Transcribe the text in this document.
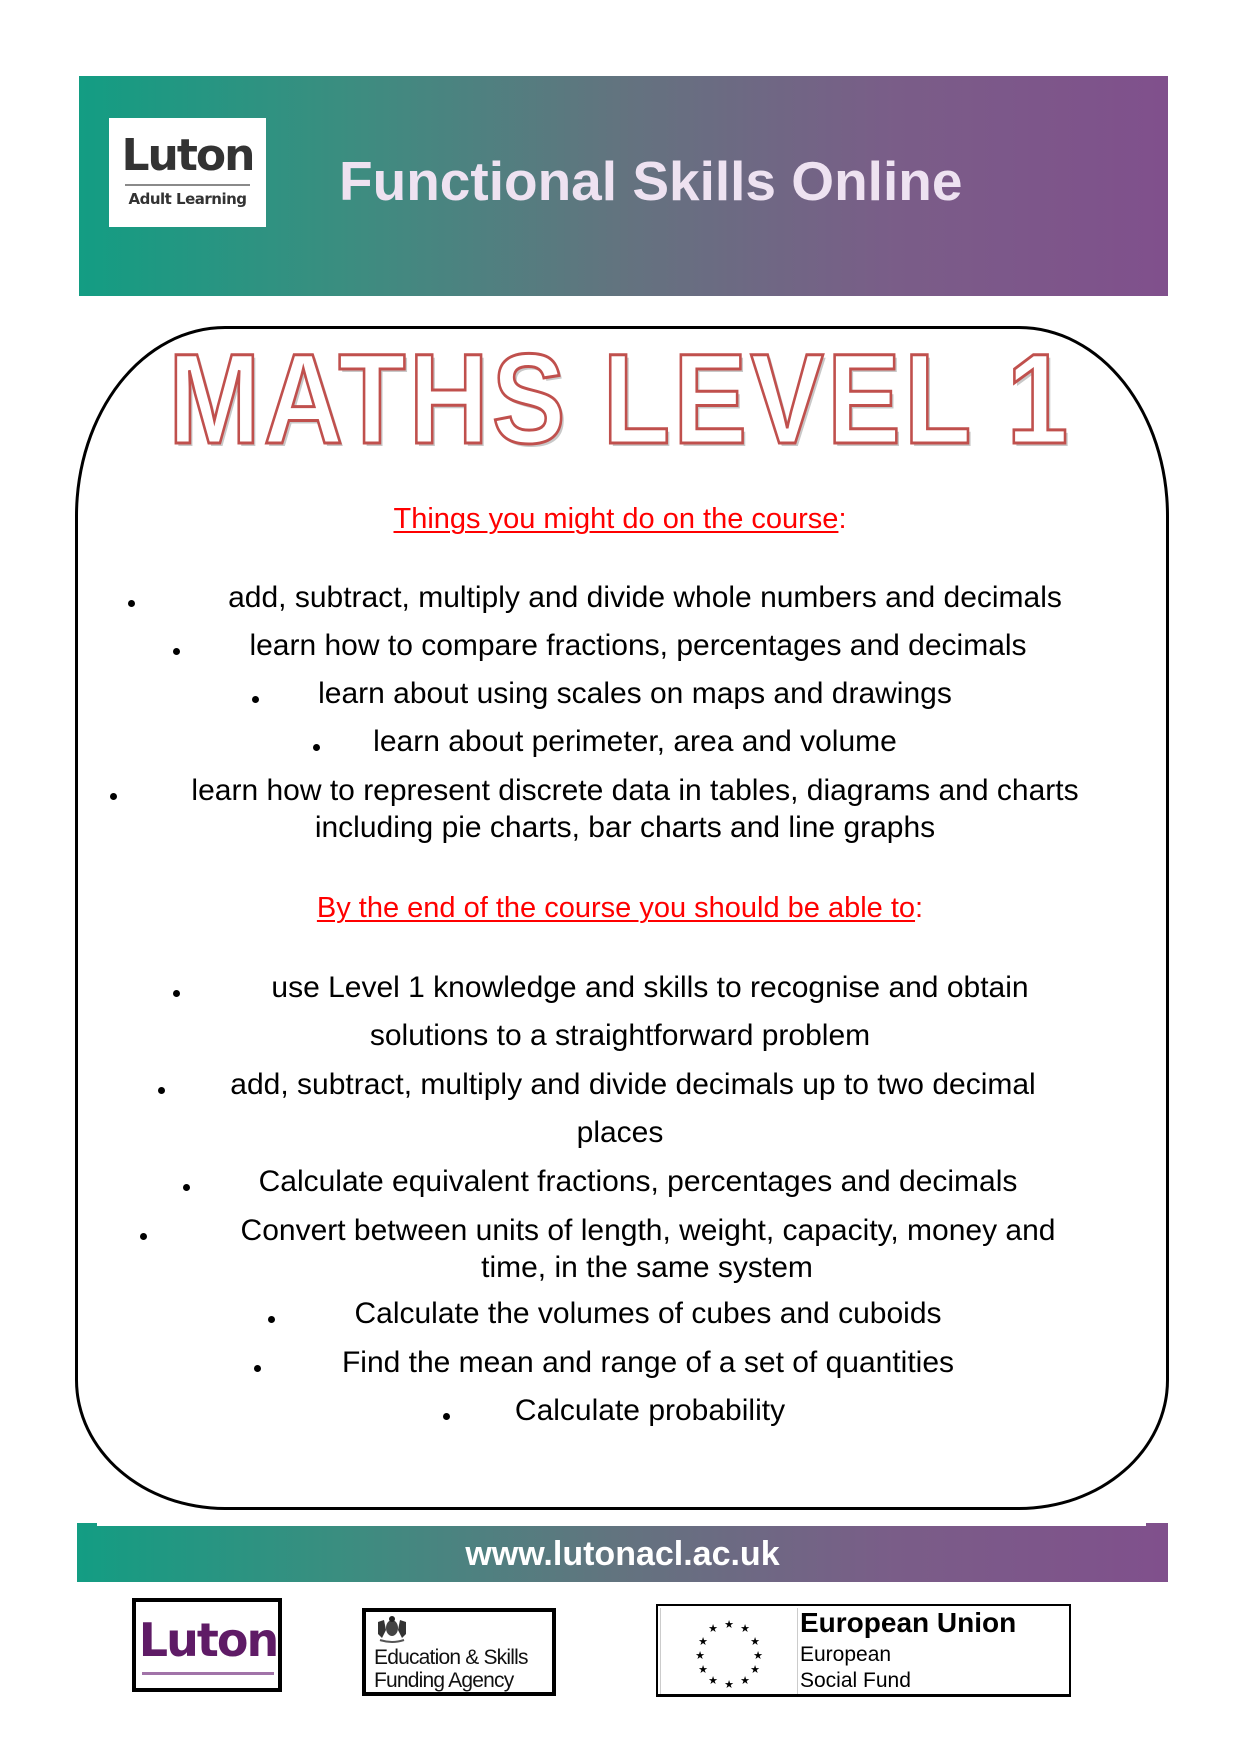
Luton
Adult Learning	Functional Skills Online
MATHS LEVEL 1
Things you might do on the course:
add, subtract, multiply and divide whole numbers and decimals
learn how to compare fractions, percentages and decimals
learn about using scales on maps and drawings
learn about perimeter, area and volume
learn how to represent discrete data in tables, diagrams and charts
including pie charts, bar charts and line graphs
By the end of the course you should be able to:
use Level 1 knowledge and skills to recognise and obtain
solutions to a straightforward problem
add, subtract, multiply and divide decimals up to two decimal
places
Calculate equivalent fractions, percentages and decimals
Convert between units of length, weight, capacity, money and
time, in the same system
Calculate the volumes of cubes and cuboids
Find the mean and range of a set of quantities
Calculate probability
www.lutonacl.ac.uk
Luton	Education & Skills
Funding Agency
★ ★
★
★
★
★
★
★
★
★
★ ★
European Union
European
Social Fund
